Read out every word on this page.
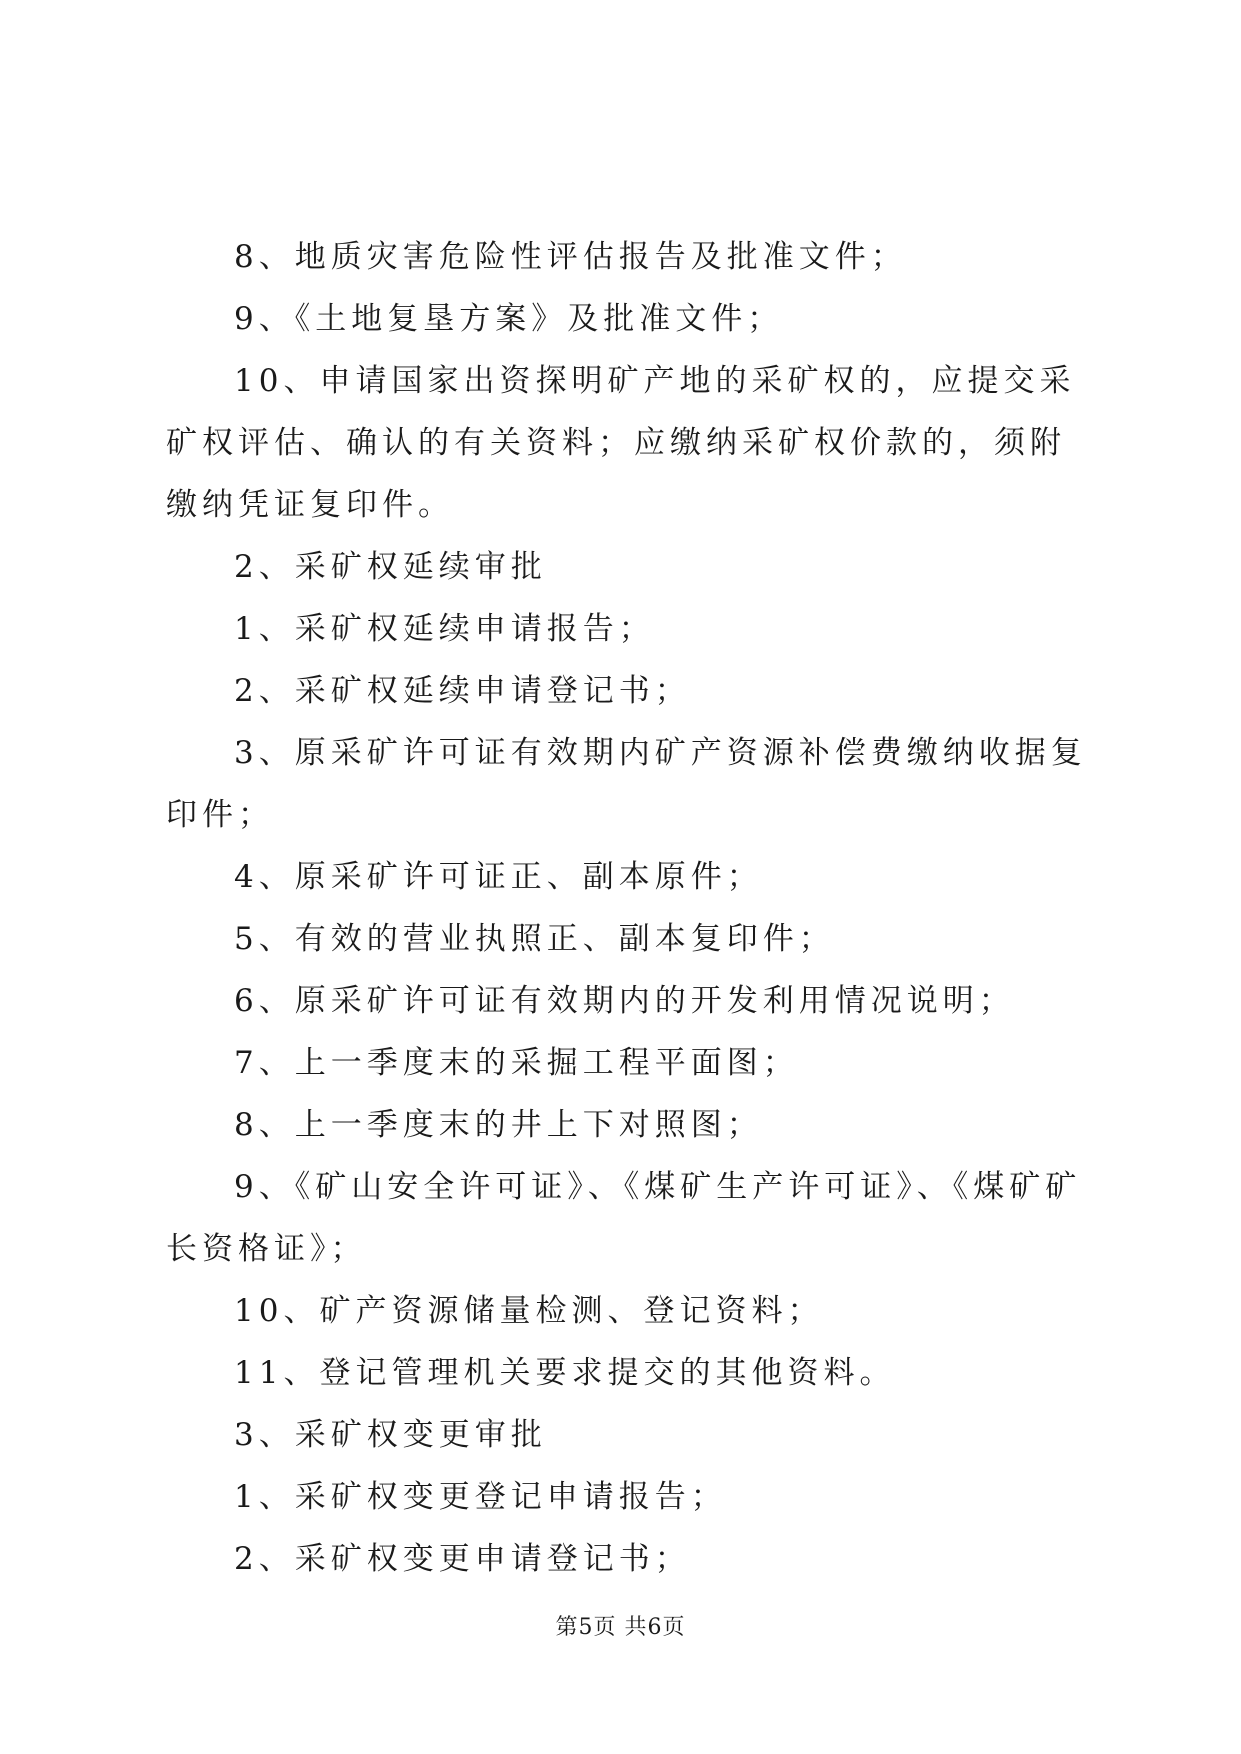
8、地质灾害危险性评估报告及批准文件；

9、《土地复垦方案》及批准文件；

10、申请国家出资探明矿产地的采矿权的，应提交采矿权评估、确认的有关资料；应缴纳采矿权价款的，须附缴纳凭证复印件。

2、采矿权延续审批

1、采矿权延续申请报告；

2、采矿权延续申请登记书；

3、原采矿许可证有效期内矿产资源补偿费缴纳收据复印件；

4、原采矿许可证正、副本原件；

5、有效的营业执照正、副本复印件；

6、原采矿许可证有效期内的开发利用情况说明；

7、上一季度末的采掘工程平面图；

8、上一季度末的井上下对照图；

9、《矿山安全许可证》、《煤矿生产许可证》、《煤矿矿长资格证》；

10、矿产资源储量检测、登记资料；

11、登记管理机关要求提交的其他资料。

3、采矿权变更审批

1、采矿权变更登记申请报告；

2、采矿权变更申请登记书；

第5页 共6页
